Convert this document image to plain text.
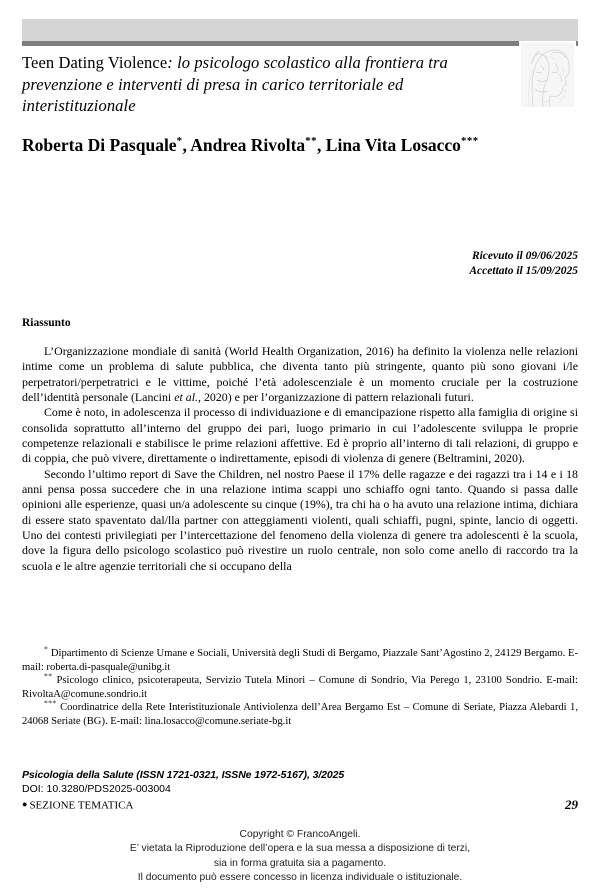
Teen Dating Violence: lo psicologo scolastico alla frontiera tra prevenzione e interventi di presa in carico territoriale ed interistituzionale
Roberta Di Pasquale*, Andrea Rivolta**, Lina Vita Losacco***
Ricevuto il 09/06/2025
Accettato il 15/09/2025
Riassunto

L’Organizzazione mondiale di sanità (World Health Organization, 2016) ha definito la violenza nelle relazioni intime come un problema di salute pubblica, che diventa tanto più stringente, quanto più sono giovani i/le perpetratori/perpetratrici e le vittime, poiché l’età adolescenziale è un momento cruciale per la costruzione dell’identità personale (Lancini et al., 2020) e per l’organizzazione di pattern relazionali futuri.

Come è noto, in adolescenza il processo di individuazione e di emancipazione rispetto alla famiglia di origine si consolida soprattutto all’interno del gruppo dei pari, luogo primario in cui l’adolescente sviluppa le proprie competenze relazionali e stabilisce le prime relazioni affettive. Ed è proprio all’interno di tali relazioni, di gruppo e di coppia, che può vivere, direttamente o indirettamente, episodi di violenza di genere (Beltramini, 2020).

Secondo l’ultimo report di Save the Children, nel nostro Paese il 17% delle ragazze e dei ragazzi tra i 14 e i 18 anni pensa possa succedere che in una relazione intima scappi uno schiaffo ogni tanto. Quando si passa dalle opinioni alle esperienze, quasi un/a adolescente su cinque (19%), tra chi ha o ha avuto una relazione intima, dichiara di essere stato spaventato dal/lla partner con atteggiamenti violenti, quali schiaffi, pugni, spinte, lancio di oggetti. Uno dei contesti privilegiati per l’intercettazione del fenomeno della violenza di genere tra adolescenti è la scuola, dove la figura dello psicologo scolastico può rivestire un ruolo centrale, non solo come anello di raccordo tra la scuola e le altre agenzie territoriali che si occupano della

* Dipartimento di Scienze Umane e Sociali, Università degli Studi di Bergamo, Piazzale Sant’Agostino 2, 24129 Bergamo. E-mail: roberta.di-pasquale@unibg.it

** Psicologo clinico, psicoterapeuta, Servizio Tutela Minori – Comune di Sondrio, Via Perego 1, 23100 Sondrio. E-mail: RivoltaA@comune.sondrio.it

*** Coordinatrice della Rete Interistituzionale Antiviolenza dell’Area Bergamo Est – Comune di Seriate, Piazza Alebardi 1, 24068 Seriate (BG). E-mail: lina.losacco@comune.seriate-bg.it

Psicologia della Salute (ISSN 1721-0321, ISSNe 1972-5167), 3/2025
DOI: 10.3280/PDS2025-003004
● SEZIONE TEMATICA	29
Copyright © FrancoAngeli.
E’ vietata la Riproduzione dell’opera e la sua messa a disposizione di terzi,
sia in forma gratuita sia a pagamento.
Il documento può essere concesso in licenza individuale o istituzionale.
